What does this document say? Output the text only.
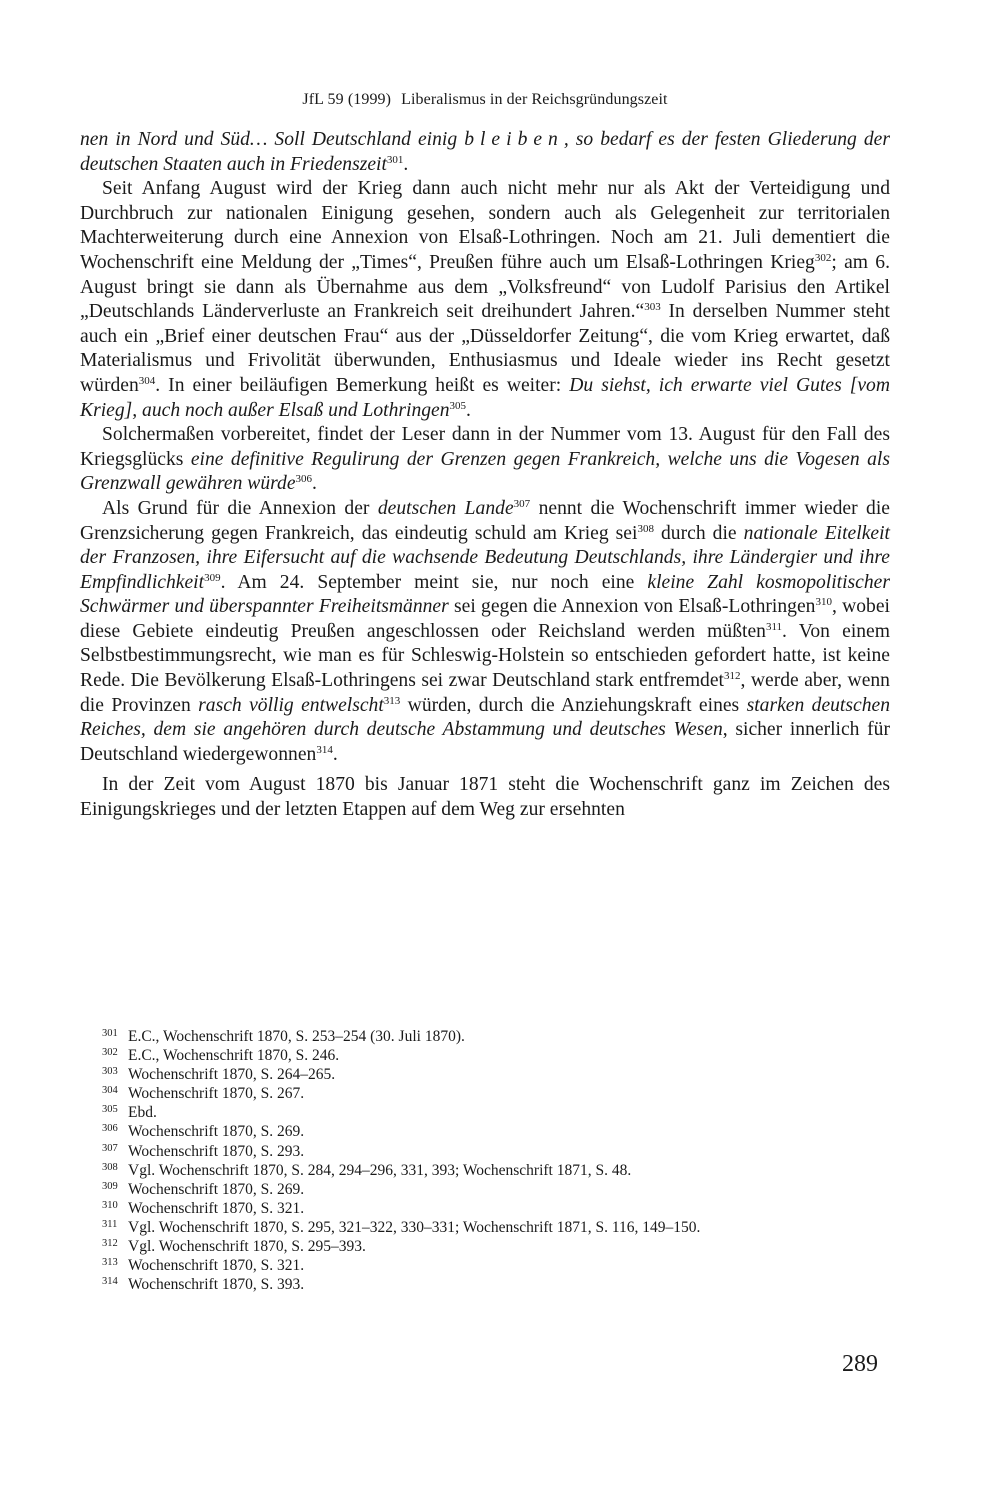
JfL 59 (1999) Liberalismus in der Reichsgründungszeit

nen in Nord und Süd… Soll Deutschland einig bleiben, so bedarf es der festen Gliederung der deutschen Staaten auch in Friedenszeit$^{301}$.

Seit Anfang August wird der Krieg dann auch nicht mehr nur als Akt der Verteidigung und Durchbruch zur nationalen Einigung gesehen, sondern auch als Gelegenheit zur territorialen Machterweiterung durch eine Annexion von Elsaß-Lothringen. Noch am 21. Juli dementiert die Wochenschrift eine Meldung der „Times“, Preußen führe auch um Elsaß-Lothringen Krieg$^{302}$; am 6. August bringt sie dann als Übernahme aus dem „Volksfreund“ von Ludolf Parisius den Artikel „Deutschlands Länderverluste an Frankreich seit dreihundert Jahren.“$^{303}$ In derselben Nummer steht auch ein „Brief einer deutschen Frau“ aus der „Düsseldorfer Zeitung“, die vom Krieg erwartet, daß Materialismus und Frivolität überwunden, Enthusiasmus und Ideale wieder ins Recht gesetzt würden$^{304}$. In einer beiläufigen Bemerkung heißt es weiter: Du siehst, ich erwarte viel Gutes [vom Krieg], auch noch außer Elsaß und Lothringen$^{305}$.

Solchermaßen vorbereitet, findet der Leser dann in der Nummer vom 13. August für den Fall des Kriegsglücks eine definitive Regulirung der Grenzen gegen Frankreich, welche uns die Vogesen als Grenzwall gewähren würde$^{306}$.

Als Grund für die Annexion der deutschen Lande$^{307}$ nennt die Wochenschrift immer wieder die Grenzsicherung gegen Frankreich, das eindeutig schuld am Krieg sei$^{308}$ durch die nationale Eitelkeit der Franzosen, ihre Eifersucht auf die wachsende Bedeutung Deutschlands, ihre Ländergier und ihre Empfindlichkeit$^{309}$. Am 24. September meint sie, nur noch eine kleine Zahl kosmopolitischer Schwärmer und überspannter Freiheitsmänner sei gegen die Annexion von Elsaß-Lothringen$^{310}$, wobei diese Gebiete eindeutig Preußen angeschlossen oder Reichsland werden müßten$^{311}$. Von einem Selbstbestimmungsrecht, wie man es für Schleswig-Holstein so entschieden gefordert hatte, ist keine Rede. Die Bevölkerung Elsaß-Lothringens sei zwar Deutschland stark entfremdet$^{312}$, werde aber, wenn die Provinzen rasch völlig entwelscht$^{313}$ würden, durch die Anziehungskraft eines starken deutschen Reiches, dem sie angehören durch deutsche Abstammung und deutsches Wesen, sicher innerlich für Deutschland wiedergewonnen$^{314}$.

In der Zeit vom August 1870 bis Januar 1871 steht die Wochenschrift ganz im Zeichen des Einigungskrieges und der letzten Etappen auf dem Weg zur ersehnten

301 E.C., Wochenschrift 1870, S. 253–254 (30. Juli 1870).
302 E.C., Wochenschrift 1870, S. 246.
303 Wochenschrift 1870, S. 264–265.
304 Wochenschrift 1870, S. 267.
305 Ebd.
306 Wochenschrift 1870, S. 269.
307 Wochenschrift 1870, S. 293.
308 Vgl. Wochenschrift 1870, S. 284, 294–296, 331, 393; Wochenschrift 1871, S. 48.
309 Wochenschrift 1870, S. 269.
310 Wochenschrift 1870, S. 321.
311 Vgl. Wochenschrift 1870, S. 295, 321–322, 330–331; Wochenschrift 1871, S. 116, 149–150.
312 Vgl. Wochenschrift 1870, S. 295–393.
313 Wochenschrift 1870, S. 321.
314 Wochenschrift 1870, S. 393.
289
